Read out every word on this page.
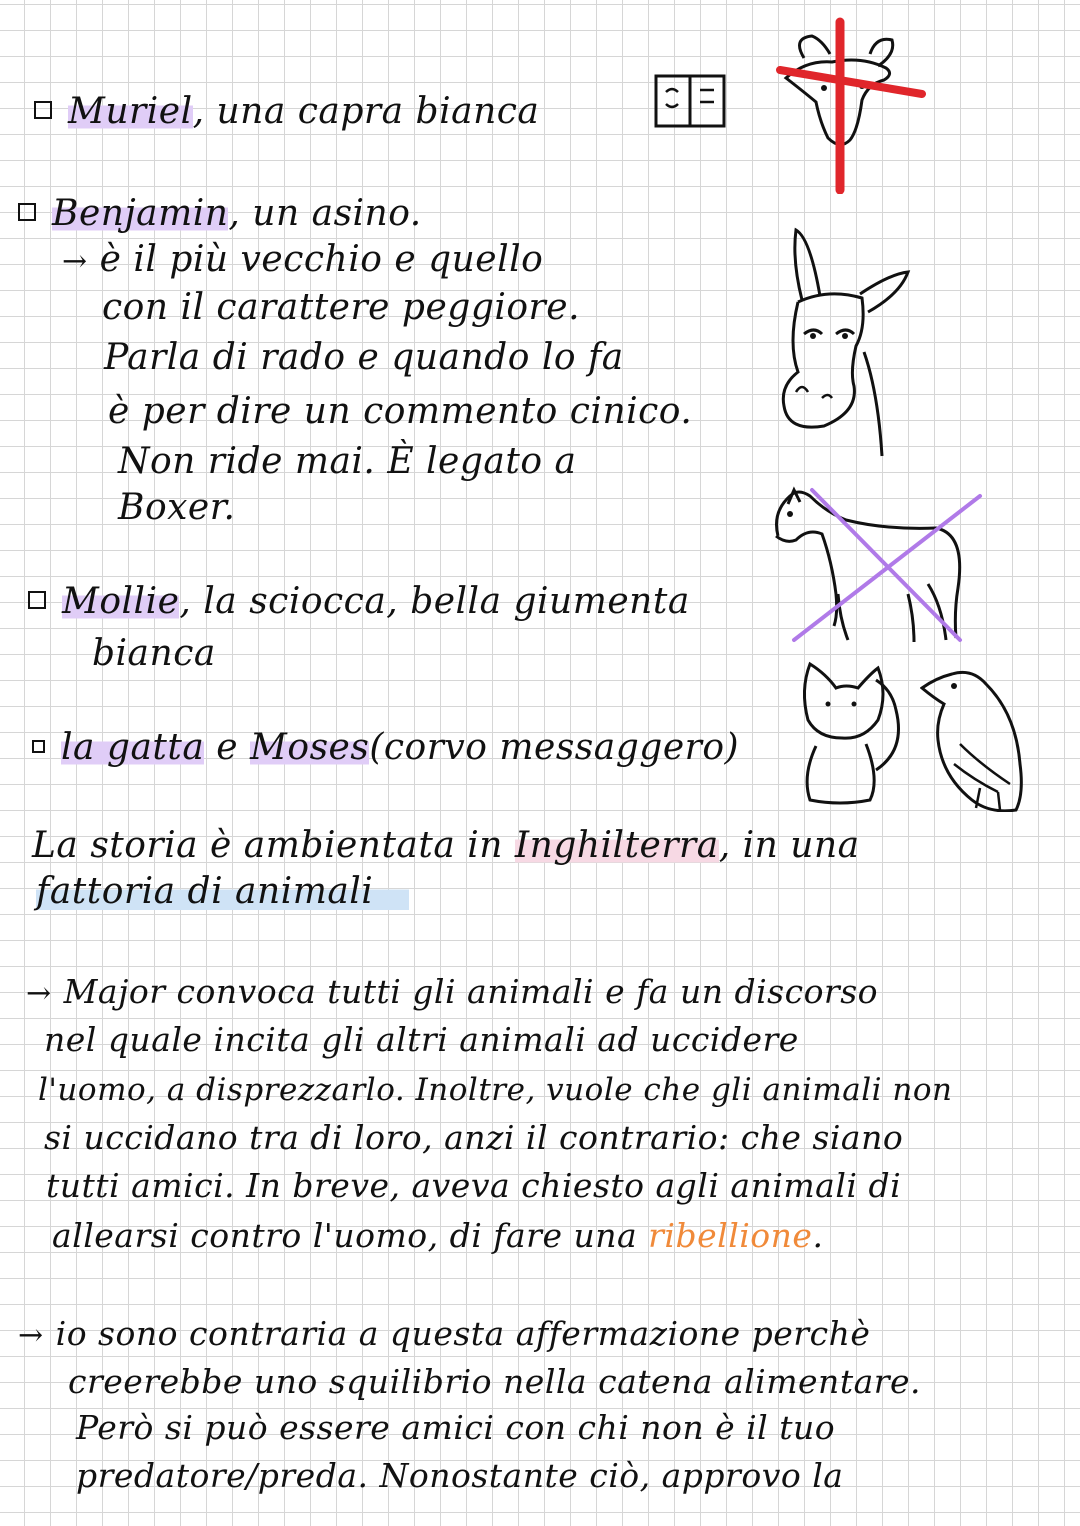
Muriel, una capra bianca
Benjamin, un asino.
→ è il più vecchio e quello
con il carattere peggiore.
Parla di rado e quando lo fa
è per dire un commento cinico.
Non ride mai. È legato a
Boxer.
Mollie, la sciocca, bella giumenta
bianca
la gatta e Moses(corvo messaggero)
La storia è ambientata in Inghilterra, in una
fattoria di animali
→ Major convoca tutti gli animali e fa un discorso
nel quale incita gli altri animali ad uccidere
l'uomo, a disprezzarlo. Inoltre, vuole che gli animali non
si uccidano tra di loro, anzi il contrario: che siano
tutti amici. In breve, aveva chiesto agli animali di
allearsi contro l'uomo, di fare una ribellione.
→ io sono contraria a questa affermazione perchè
creerebbe uno squilibrio nella catena alimentare.
Però si può essere amici con chi non è il tuo
predatore/preda. Nonostante ciò, approvo la
